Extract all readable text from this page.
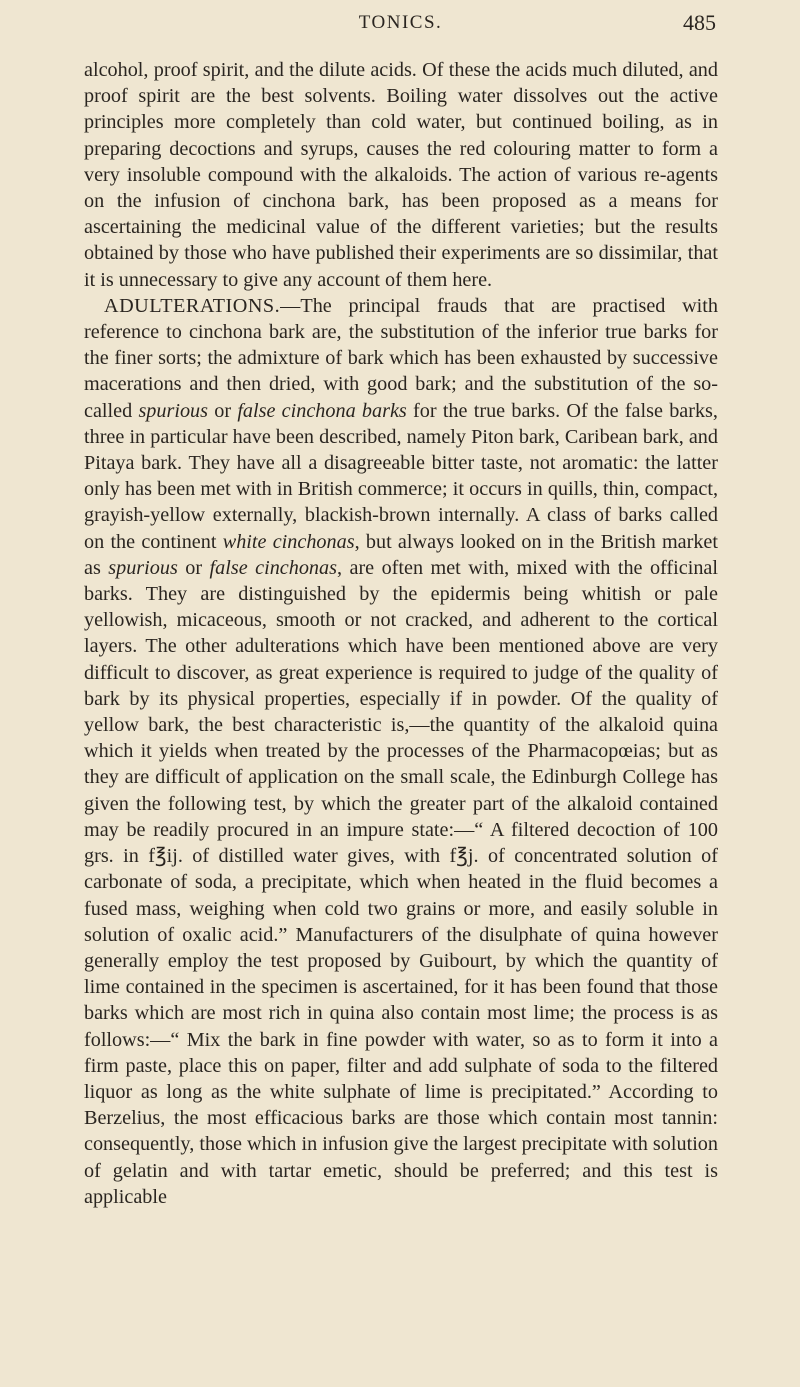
TONICS.	485

alcohol, proof spirit, and the dilute acids. Of these the acids much diluted, and proof spirit are the best solvents. Boiling water dissolves out the active principles more completely than cold water, but continued boiling, as in preparing decoctions and syrups, causes the red colouring matter to form a very insoluble compound with the alkaloids. The action of various re-agents on the infusion of cinchona bark, has been proposed as a means for ascertaining the medicinal value of the different varieties; but the results obtained by those who have published their experiments are so dissimilar, that it is unnecessary to give any account of them here.

ADULTERATIONS.—The principal frauds that are practised with reference to cinchona bark are, the substitution of the inferior true barks for the finer sorts; the admixture of bark which has been exhausted by successive macerations and then dried, with good bark; and the substitution of the so-called spurious or false cinchona barks for the true barks. Of the false barks, three in particular have been described, namely Piton bark, Caribean bark, and Pitaya bark. They have all a disagreeable bitter taste, not aromatic: the latter only has been met with in British commerce; it occurs in quills, thin, compact, grayish-yellow externally, blackish-brown internally. A class of barks called on the continent white cinchonas, but always looked on in the British market as spurious or false cinchonas, are often met with, mixed with the officinal barks. They are distinguished by the epidermis being whitish or pale yellowish, micaceous, smooth or not cracked, and adherent to the cortical layers. The other adulterations which have been mentioned above are very difficult to discover, as great experience is required to judge of the quality of bark by its physical properties, especially if in powder. Of the quality of yellow bark, the best characteristic is,—the quantity of the alkaloid quina which it yields when treated by the processes of the Pharmacopœias; but as they are difficult of application on the small scale, the Edinburgh College has given the following test, by which the greater part of the alkaloid contained may be readily procured in an impure state:—“ A filtered decoction of 100 grs. in f℥ij. of distilled water gives, with f℥j. of concentrated solution of carbonate of soda, a precipitate, which when heated in the fluid becomes a fused mass, weighing when cold two grains or more, and easily soluble in solution of oxalic acid.” Manufacturers of the disulphate of quina however generally employ the test proposed by Guibourt, by which the quantity of lime contained in the specimen is ascertained, for it has been found that those barks which are most rich in quina also contain most lime; the process is as follows:—“ Mix the bark in fine powder with water, so as to form it into a firm paste, place this on paper, filter and add sulphate of soda to the filtered liquor as long as the white sulphate of lime is precipitated.” According to Berzelius, the most efficacious barks are those which contain most tannin: consequently, those which in infusion give the largest precipitate with solution of gelatin and with tartar emetic, should be preferred; and this test is applicable
